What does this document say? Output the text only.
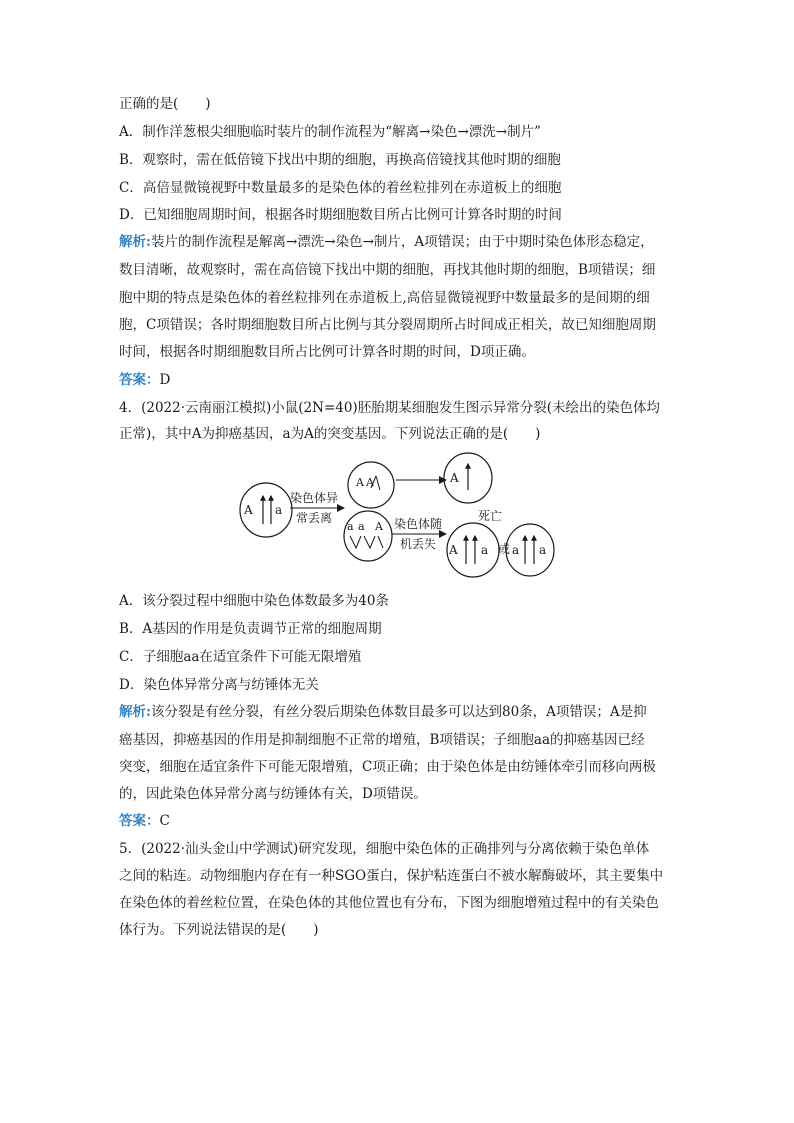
正确的是(　　)
A．制作洋葱根尖细胞临时装片的制作流程为“解离→染色→漂洗→制片”
B．观察时，需在低倍镜下找出中期的细胞，再换高倍镜找其他时期的细胞
C．高倍显微镜视野中数量最多的是染色体的着丝粒排列在赤道板上的细胞
D．已知细胞周期时间，根据各时期细胞数目所占比例可计算各时期的时间
解析:装片的制作流程是解离→漂洗→染色→制片，A项错误；由于中期时染色体形态稳定，
数目清晰，故观察时，需在高倍镜下找出中期的细胞，再找其他时期的细胞，B项错误；细
胞中期的特点是染色体的着丝粒排列在赤道板上,高倍显微镜视野中数量最多的是间期的细
胞，C项错误；各时期细胞数目所占比例与其分裂周期所占时间成正相关，故已知细胞周期
时间，根据各时期细胞数目所占比例可计算各时期的时间，D项正确。
答案：D
4．(2022·云南丽江模拟)小鼠(2N=40)胚胎期某细胞发生图示异常分裂(未绘出的染色体均
正常)，其中A为抑癌基因，a为A的突变基因。下列说法正确的是(　　)
A a
染色体异
常丢离
A A
a a A
A
死亡
染色体随
机丢失 A a 或 a a
A．该分裂过程中细胞中染色体数最多为40条
B．A基因的作用是负责调节正常的细胞周期
C．子细胞aa在适宜条件下可能无限增殖
D．染色体异常分离与纺锤体无关
解析:该分裂是有丝分裂，有丝分裂后期染色体数目最多可以达到80条，A项错误；A是抑
癌基因，抑癌基因的作用是抑制细胞不正常的增殖，B项错误；子细胞aa的抑癌基因已经
突变，细胞在适宜条件下可能无限增殖，C项正确；由于染色体是由纺锤体牵引而移向两极
的，因此染色体异常分离与纺锤体有关，D项错误。
答案：C
5．(2022·汕头金山中学测试)研究发现，细胞中染色体的正确排列与分离依赖于染色单体
之间的粘连。动物细胞内存在有一种SGO蛋白，保护粘连蛋白不被水解酶破坏，其主要集中
在染色体的着丝粒位置，在染色体的其他位置也有分布，下图为细胞增殖过程中的有关染色
体行为。下列说法错误的是(　　)
